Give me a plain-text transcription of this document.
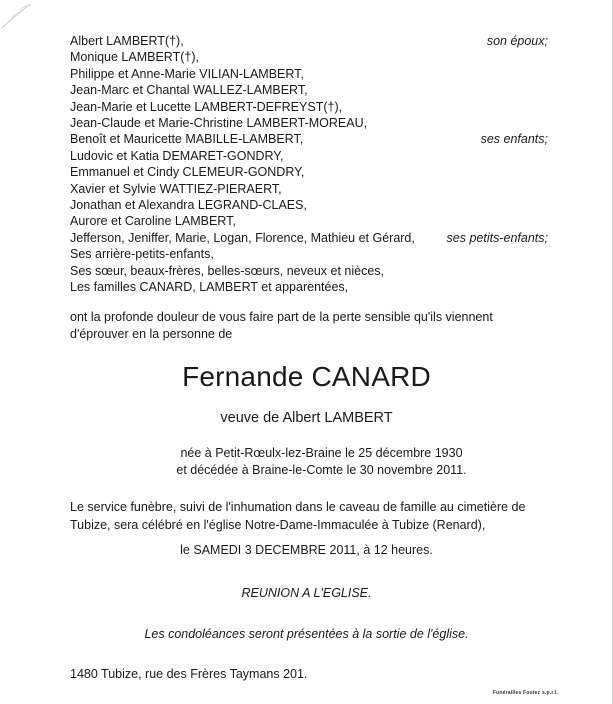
Albert LAMBERT(†),	son époux;
Monique LAMBERT(†),
Philippe et Anne-Marie VILIAN-LAMBERT,
Jean-Marc et Chantal WALLEZ-LAMBERT,
Jean-Marie et Lucette LAMBERT-DEFREYST(†),
Jean-Claude et Marie-Christine LAMBERT-MOREAU,
Benoît et Mauricette MABILLE-LAMBERT,	ses enfants;
Ludovic et Katia DEMARET-GONDRY,
Emmanuel et Cindy CLEMEUR-GONDRY,
Xavier et Sylvie WATTIEZ-PIERAERT,
Jonathan et Alexandra LEGRAND-CLAES,
Aurore et Caroline LAMBERT,
Jefferson, Jeniffer, Marie, Logan, Florence, Mathieu et Gérard,	ses petits-enfants;
Ses arrière-petits-enfants,
Ses sœur, beaux-frères, belles-sœurs, neveux et nièces,
Les familles CANARD, LAMBERT et apparentées,

ont la profonde douleur de vous faire part de la perte sensible qu'ils viennent d'éprouver en la personne de

Fernande CANARD

veuve de Albert LAMBERT

née à Petit-Rœulx-lez-Braine le 25 décembre 1930
et décédée à Braine-le-Comte le 30 novembre 2011.

Le service funèbre, suivi de l'inhumation dans le caveau de famille au cimetière de Tubize, sera célébré en l'église Notre-Dame-Immaculée à Tubize (Renard),

le SAMEDI 3 DECEMBRE 2011, à 12 heures.

REUNION A L'EGLISE.

Les condoléances seront présentées à la sortie de l'église.

1480 Tubize, rue des Frères Taymans 201.

Funérailles Foutez s.p.r.l.
